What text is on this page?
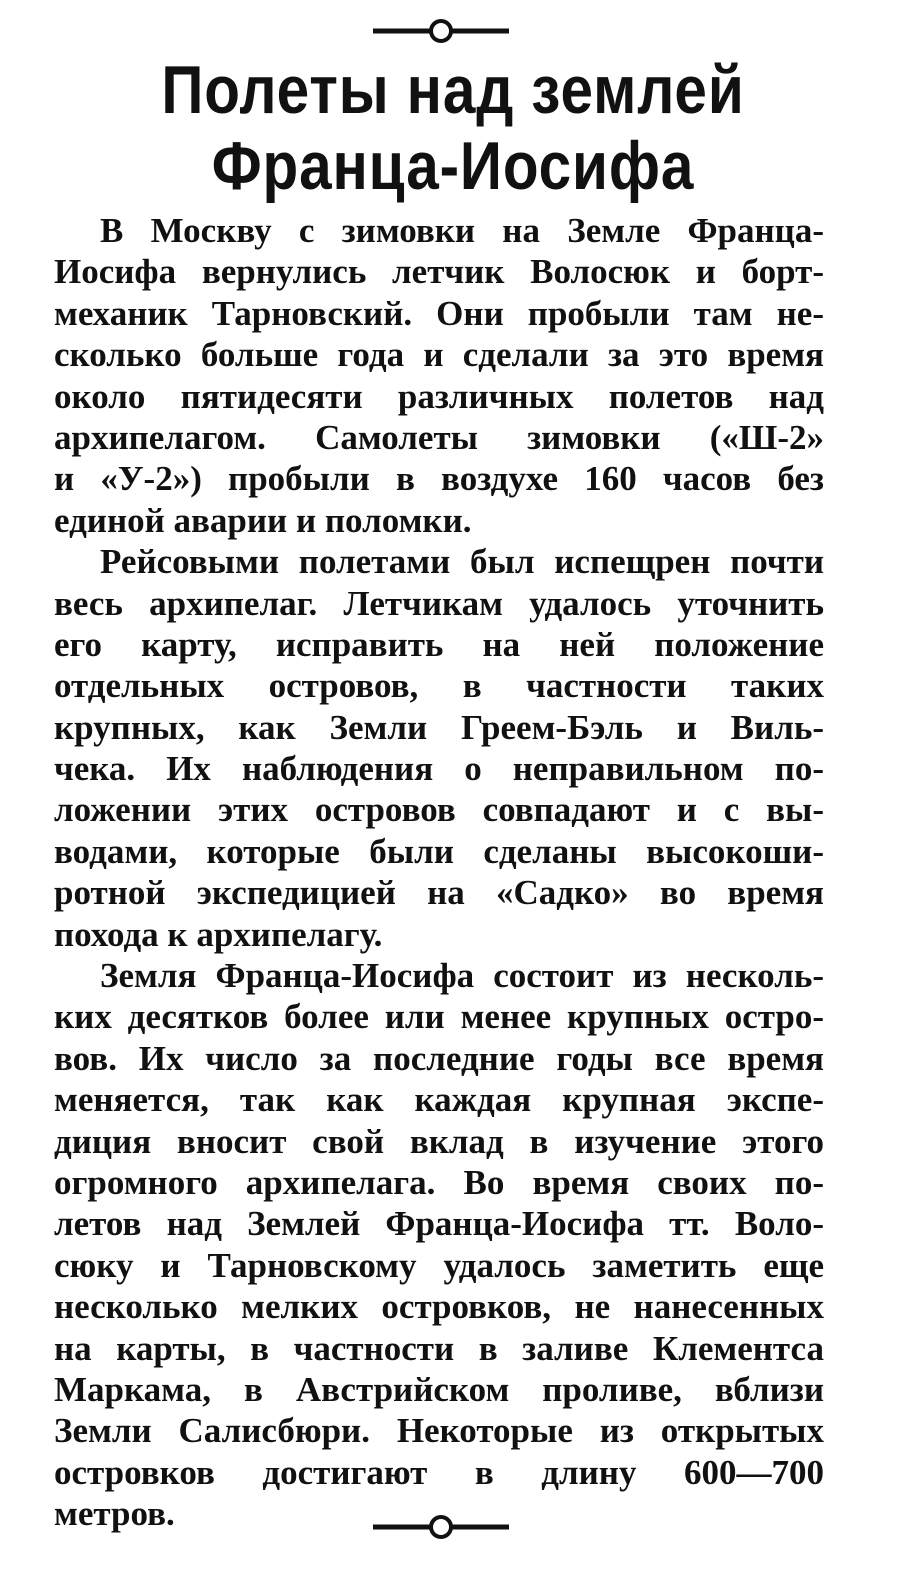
Полеты над землей
Франца-Иосифа

В Москву с зимовки на Земле Франца-
Иосифа вернулись летчик Волосюк и борт-
механик Тарновский. Они пробыли там не-
сколько больше года и сделали за это время
около пятидесяти различных полетов над
архипелагом. Самолеты зимовки («Ш-2»
и «У-2») пробыли в воздухе 160 часов без
единой аварии и поломки.

Рейсовыми полетами был испещрен почти
весь архипелаг. Летчикам удалось уточнить
его карту, исправить на ней положение
отдельных островов, в частности таких
крупных, как Земли Греем-Бэль и Виль-
чека. Их наблюдения о неправильном по-
ложении этих островов совпадают и с вы-
водами, которые были сделаны высокоши-
ротной экспедицией на «Садко» во время
похода к архипелагу.

Земля Франца-Иосифа состоит из несколь-
ких десятков более или менее крупных остро-
вов. Их число за последние годы все время
меняется, так как каждая крупная экспе-
диция вносит свой вклад в изучение этого
огромного архипелага. Во время своих по-
летов над Землей Франца-Иосифа тт. Воло-
сюку и Тарновскому удалось заметить еще
несколько мелких островков, не нанесенных
на карты, в частности в заливе Клементса
Маркама, в Австрийском проливе, вблизи
Земли Салисбюри. Некоторые из открытых
островков достигают в длину 600—700
метров.
